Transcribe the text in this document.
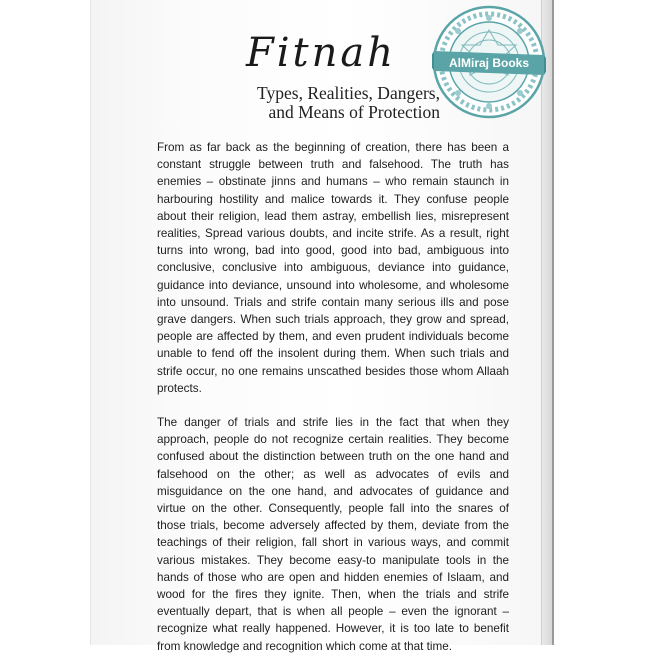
Fitnah
Types, Realities, Dangers,
and Means of Protection

From as far back as the beginning of creation, there has been a constant struggle between truth and falsehood. The truth has enemies – obstinate jinns and humans – who remain staunch in harbouring hostility and malice towards it. They confuse people about their religion, lead them astray, embellish lies, misrepresent realities, Spread various doubts, and incite strife. As a result, right turns into wrong, bad into good, good into bad, ambiguous into conclusive, conclusive into ambiguous, deviance into guidance, guidance into deviance, unsound into wholesome, and wholesome into unsound. Trials and strife contain many serious ills and pose grave dangers. When such trials approach, they grow and spread, people are affected by them, and even prudent individuals become unable to fend off the insolent during them. When such trials and strife occur, no one remains unscathed besides those whom Allaah protects.

The danger of trials and strife lies in the fact that when they approach, people do not recognize certain realities. They become confused about the distinction between truth on the one hand and falsehood on the other; as well as advocates of evils and misguidance on the one hand, and advocates of guidance and virtue on the other. Consequently, people fall into the snares of those trials, become adversely affected by them, deviate from the teachings of their religion, fall short in various ways, and commit various mistakes. They become easy-to manipulate tools in the hands of those who are open and hidden enemies of Islaam, and wood for the fires they ignite. Then, when the trials and strife eventually depart, that is when all people – even the ignorant – recognize what really happened. However, it is too late to benefit from knowledge and recognition which come at that time.

AlMiraj Books
